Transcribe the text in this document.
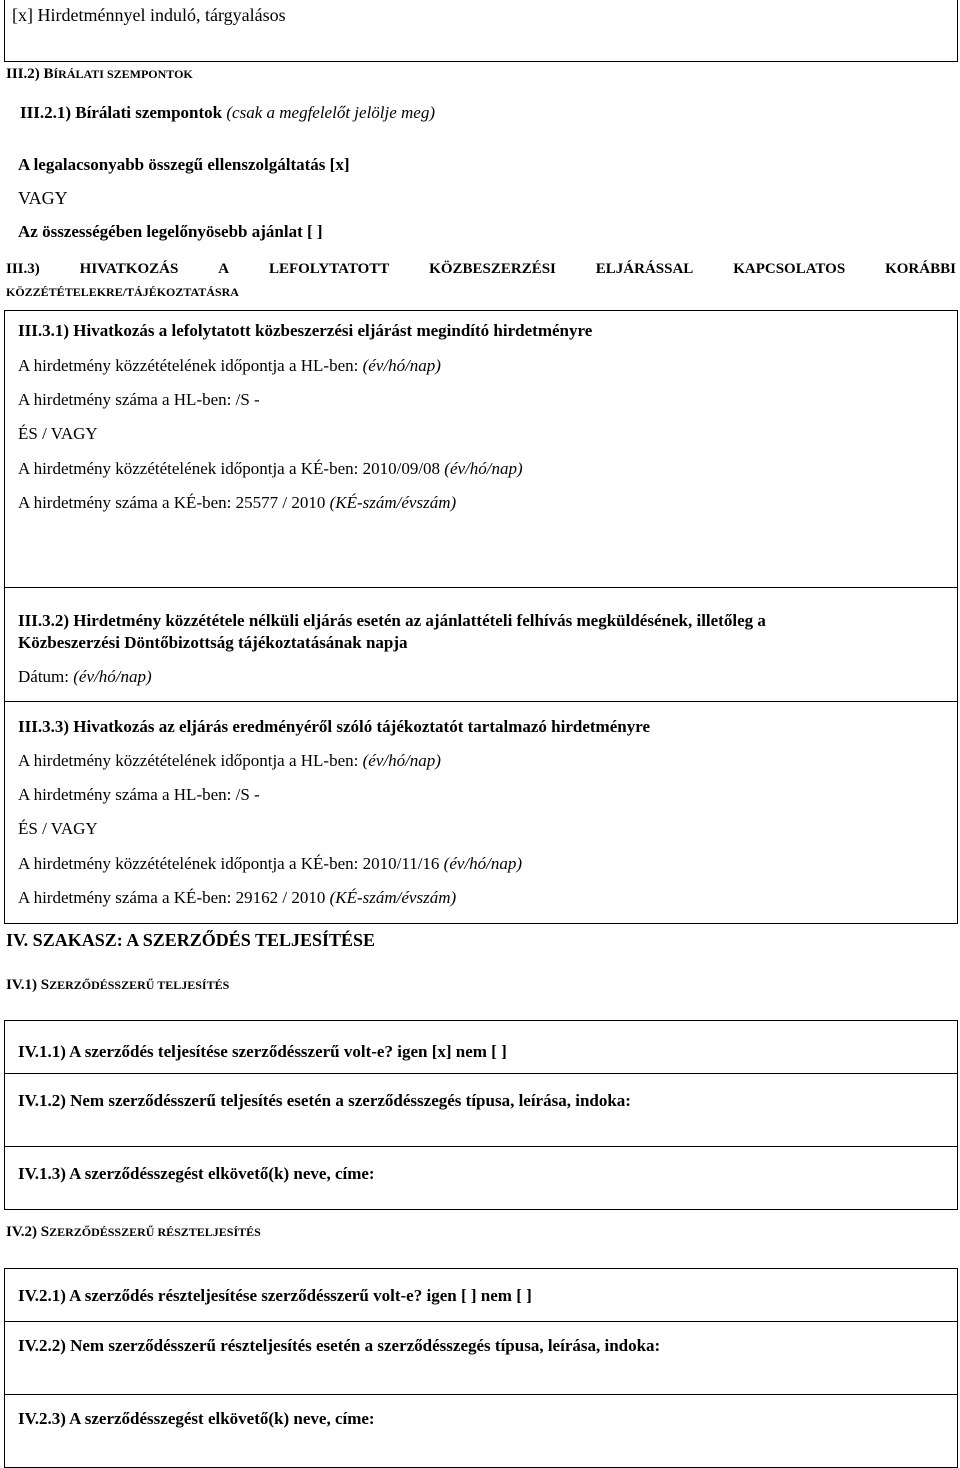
[x] Hirdetménnyel induló, tárgyalásos
III.2) BÍRÁLATI SZEMPONTOK
III.2.1) Bírálati szempontok (csak a megfelelőt jelölje meg)
A legalacsonyabb összegű ellenszolgáltatás [x]
VAGY
Az összességében legelőnyösebb ajánlat [ ]
III.3)	HIVATKOZÁS	A	LEFOLYTATOTT	KÖZBESZERZÉSI	ELJÁRÁSSAL	KAPCSOLATOS	KORÁBBI
KÖZZÉTÉTELEKRE/TÁJÉKOZTATÁSRA
III.3.1) Hivatkozás a lefolytatott közbeszerzési eljárást megindító hirdetményre
A hirdetmény közzétételének időpontja a HL-ben: (év/hó/nap)
A hirdetmény száma a HL-ben: /S -
ÉS / VAGY
A hirdetmény közzétételének időpontja a KÉ-ben: 2010/09/08 (év/hó/nap)
A hirdetmény száma a KÉ-ben: 25577 / 2010 (KÉ-szám/évszám)
III.3.2) Hirdetmény közzététele nélküli eljárás esetén az ajánlattételi felhívás megküldésének, illetőleg a
Közbeszerzési Döntőbizottság tájékoztatásának napja
Dátum: (év/hó/nap)
III.3.3) Hivatkozás az eljárás eredményéről szóló tájékoztatót tartalmazó hirdetményre
A hirdetmény közzétételének időpontja a HL-ben: (év/hó/nap)
A hirdetmény száma a HL-ben: /S -
ÉS / VAGY
A hirdetmény közzétételének időpontja a KÉ-ben: 2010/11/16 (év/hó/nap)
A hirdetmény száma a KÉ-ben: 29162 / 2010 (KÉ-szám/évszám)
IV. SZAKASZ: A SZERZŐDÉS TELJESÍTÉSE
IV.1) SZERZŐDÉSSZERŰ TELJESÍTÉS
IV.1.1) A szerződés teljesítése szerződésszerű volt-e? igen [x] nem [ ]
IV.1.2) Nem szerződésszerű teljesítés esetén a szerződésszegés típusa, leírása, indoka:
IV.1.3) A szerződésszegést elkövető(k) neve, címe:
IV.2) SZERZŐDÉSSZERŰ RÉSZTELJESÍTÉS
IV.2.1) A szerződés részteljesítése szerződésszerű volt-e? igen [ ] nem [ ]
IV.2.2) Nem szerződésszerű részteljesítés esetén a szerződésszegés típusa, leírása, indoka:
IV.2.3) A szerződésszegést elkövető(k) neve, címe:
